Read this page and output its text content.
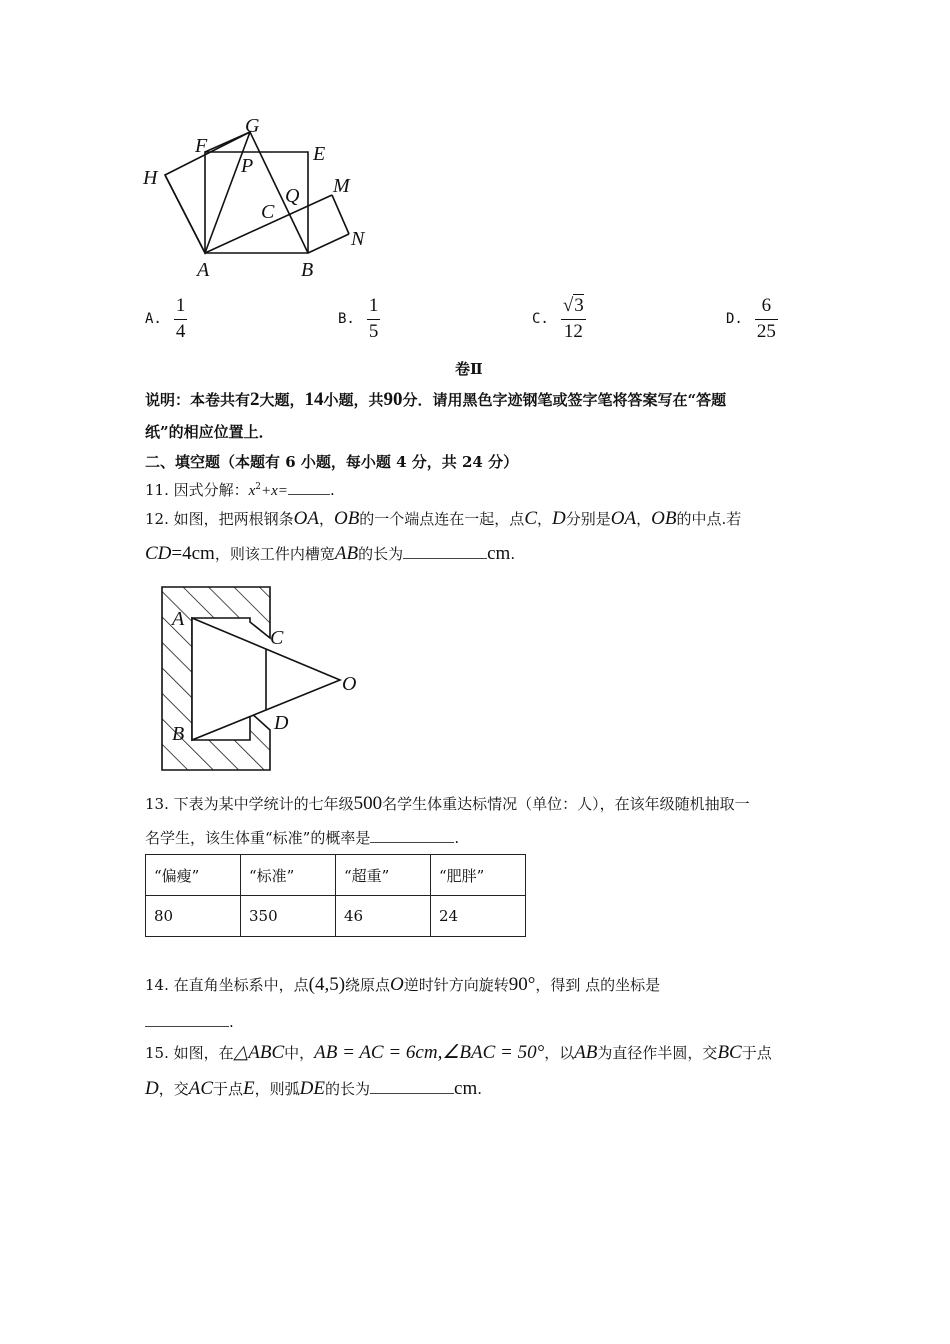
G
F	E
H
P
Q M
C
N
A	B
A. $\frac{1}{4}$	B. $\frac{1}{5}$	C. $\frac{√3}{12}$	D. $\frac{6}{25}$
卷Ⅱ
说明：本卷共有2大题，14小题，共90分．请用黑色字迹钢笔或签字笔将答案写在“答题
纸”的相应位置上．
二、填空题（本题有 6 小题，每小题 4 分，共 24 分）
11. 因式分解：$x^2+x=$	.
12. 如图，把两根钢条OA，OB的一个端点连在一起，点C，D分别是OA，OB的中点.若
CD=4cm，则该工件内槽宽AB的长为	cm.
A
C
O
B	D
13. 下表为某中学统计的七年级500名学生体重达标情况（单位：人），在该年级随机抽取一
名学生，该生体重“标准”的概率是	.
“偏瘦”	“标准”	“超重”	“肥胖”
80	350	46	24
14. 在直角坐标系中，点(4,5)绕原点O逆时针方向旋转90°，得到 点的坐标是
.
15. 如图，在△ABC中，AB = AC = 6cm,∠BAC = 50°，以AB为直径作半圆，交BC于点
D，交AC于点E，则弧DE的长为	cm.
